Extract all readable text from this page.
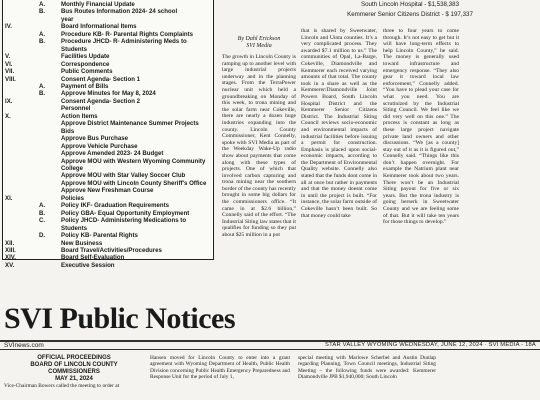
A.	Monthly Financial Update
B.	Bus Routes Information 2024- 24 school
year
IV.	Board Informational Items
A.	Procedure KB- R- Parental Rights Complaints
B.	Procedure JHCD- R- Administering Meds to
Students
V.	Facilities Update
VI.	Correspondence
VII.	Public Comments
VIII.	Consent Agenda- Section 1
A.	Payment of Bills
B.	Approve Minutes for May 8, 2024
IX.	Consent Agenda- Section 2
Personnel
X.	Action Items
Approve District Maintenance Summer Projects Bids
Approve Bus Purchase
Approve Vehicle Purchase
Approve Amended 2023- 24 Budget
Approve MOU with Western Wyoming Community
College
Approve MOU with Star Valley Soccer Club
Approve MOU with Lincoln County Sheriff's Office
Approve New Freshman Course
XI.	Policies
A.	Policy IKF- Graduation Requirements
B.	Policy GBA- Equal Opportunity Employment
C.	Policy JHCD- Administering Medications to
Students
D.	Policy KB- Parental Rights
XII.	New Business
XIII.	Board Travel/Activities/Procedures
XIV.	Board Self-Evaluation
XV.	Executive Session
South Lincoln Hospital - $1,538,383
Kemmerer Senior Citizens District - $ 197,337
By Dahl Erickson
SVI Media
The growth in Lincoln County is ramping up to another level with large industrial projects underway and in the planning stages. From the TerraPower nuclear unit which held a groundbreaking on Monday of this week, to trona mining and the solar farm near Cokeville, there are nearly a dozen huge industries expanding into the county. Lincoln County Commissioner, Kent Connelly, spoke with SVI Media as part of the Weekday Wake-Up radio show about payments that come along with these types of projects. One of which that involved carbon capturing and trona mining near the southern border of the county has recently brought in some big dollars for the commissioners office. “It came in at $2.6 billion,” Connelly said of the effort. “The Industrial Siting law states that it qualifies for funding so they put about $25 million in a pot
that is shared by Sweetwater, Lincoln and Uinta counties. It’s a very complicated process. They awarded $7.1 million to us.” The communities of Opal, La-Barge, Cokeville, Diamondville and Kemmerer each received varying amounts of that total. The county took in a share as well as the Kemmerer/Diamondville Joint Powers Board, South Lincoln Hospital District and the Kemmerer Senior Citizens District. The Industrial Siting Council reviews socio-economic and environmental impacts of industrial facilities before issuing a permit for construction. Emphasis is placed upon social-economic impacts, according to the Department of Environmental Quality website. Connelly also stated that the funds dont come in all at once but rather in payments and that the money doesnt come in until the project is built. “For instance, the solar farm outside of Cokeville hasn’t been built. So that money could take
three to four years to come through. It’s not easy to get but it will have long-term effects to help Lincoln County,” he said. The money is generally used toward infrastructure and emergency response. “They also gear it toward local law enforcement,” Connelly added. “You have to plead your case for what you need. You are scrutinized by the Industrial Siting Council. We feel like we did very well on this one.” The process is constant as long as these large project navigate private land owners and other discussions. “We [as a county] stay out of it as it is figured out,” Connelly said. “Things like this don’t happen overnight. For example the Natrium plant near Kemmerer took about two years. There won’t be an Industrial Siting payout for five or six years. But the trona industry is going berserk in Sweetwater County and we are feeling some of that. But it will take ten years for those things to develop.”
SVI Public Notices
SVInews.com	STAR VALLEY WYOMING WEDNESDAY, JUNE 12, 2024 · SVI MEDIA - 18A
OFFICIAL PROCEEDINGS
BOARD OF LINCOLN COUNTY COMMISSIONERS
MAY 21, 2024
Vice-Chairman Bowers called the meeting to order at
Hansen moved for Lincoln County to enter into a grant agreement with Wyoming Department of Health, Public Health Division concerning Public Health Emergency Preparedness and Response Unit for the period of July 1,
special meeting with Marlowe Scherbel and Austin Dunlap regarding Planning, Town Council meetings, Industrial Siting Meeting – the following funds were awarded: Kemmerer Diamondville JPB $1,940,000; South Lincoln
